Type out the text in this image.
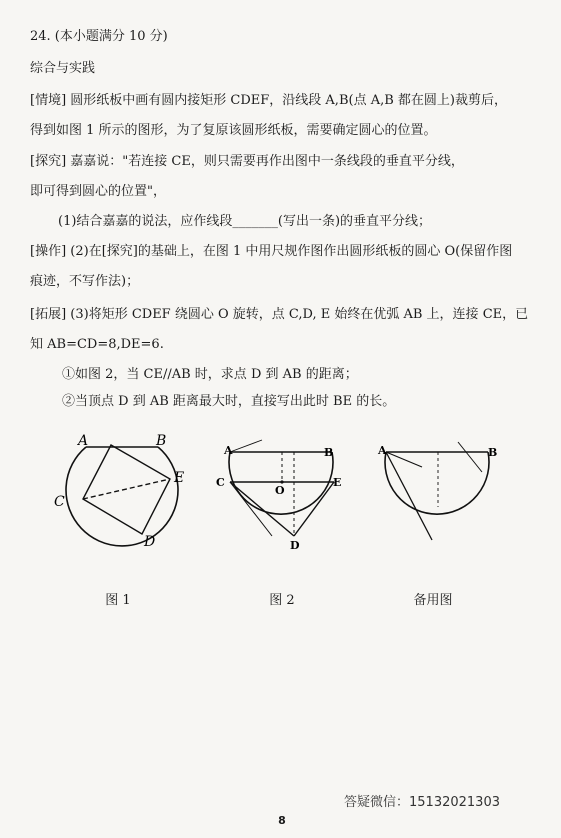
24. (本小题满分 10 分)
综合与实践
[情境] 圆形纸板中画有圆内接矩形 CDEF，沿线段 A,B(点 A,B 都在圆上)裁剪后，
得到如图 1 所示的图形，为了复原该圆形纸板，需要确定圆心的位置。
[探究] 嘉嘉说："若连接 CE，则只需要再作出图中一条线段的垂直平分线，
即可得到圆心的位置"，
(1)结合嘉嘉的说法，应作线段_______(写出一条)的垂直平分线；
[操作] (2)在[探究]的基础上，在图 1 中用尺规作图作出圆形纸板的圆心 O(保留作图
痕迹，不写作法)；
[拓展] (3)将矩形 CDEF 绕圆心 O 旋转，点 C,D, E 始终在优弧 AB 上，连接 CE，已
知 AB=CD=8,DE=6.
①如图 2，当 CE//AB 时，求点 D 到 AB 的距离；
②当顶点 D 到 AB 距离最大时，直接写出此时 BE 的长。
A	B
C
E
D
A	B
C	E
O
D
A	B
图 1	图 2	备用图
答疑微信：15132021303
8
